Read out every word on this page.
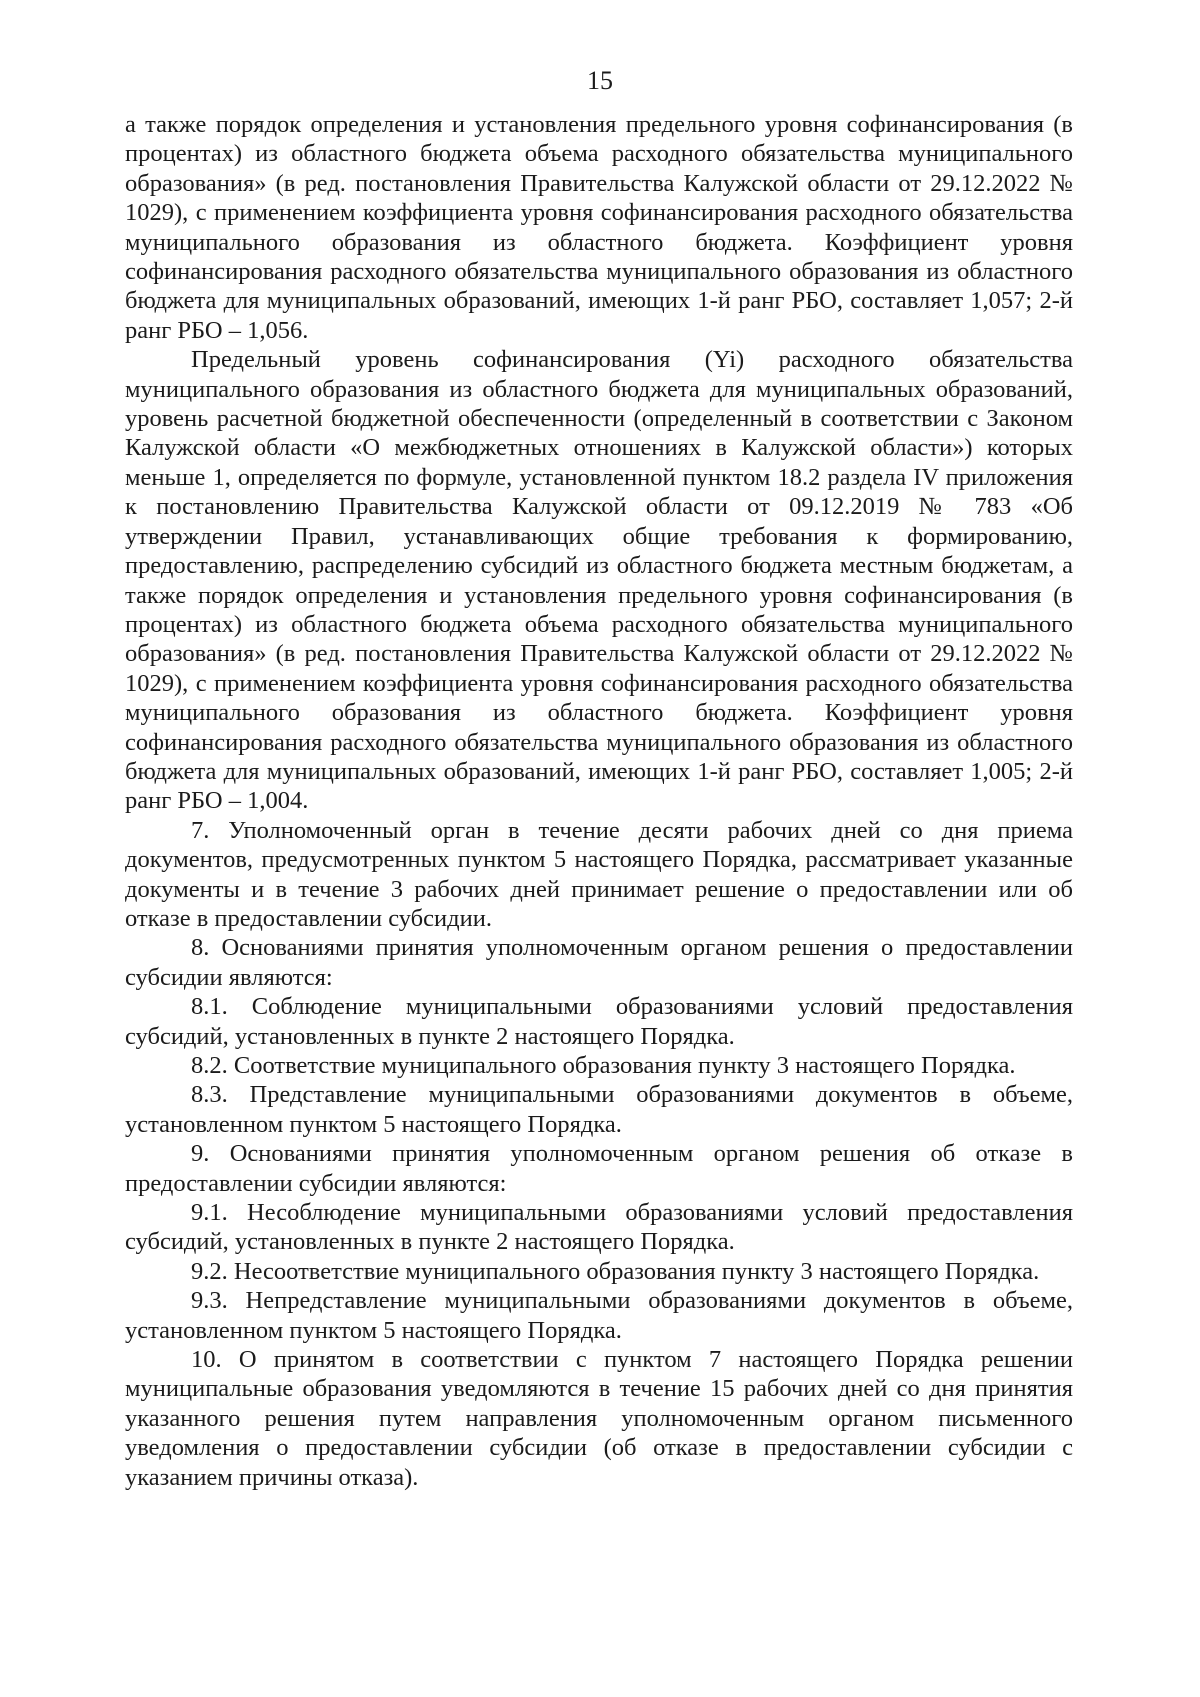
15

а также порядок определения и установления предельного уровня софинансирования (в процентах) из областного бюджета объема расходного обязательства муниципального образования» (в ред. постановления Правительства Калужской области от 29.12.2022 № 1029), с применением коэффициента уровня софинансирования расходного обязательства муниципального образования из областного бюджета. Коэффициент уровня софинансирования расходного обязательства муниципального образования из областного бюджета для муниципальных образований, имеющих 1-й ранг РБО, составляет 1,057; 2-й ранг РБО – 1,056.

Предельный уровень софинансирования (Yi) расходного обязательства муниципального образования из областного бюджета для муниципальных образований, уровень расчетной бюджетной обеспеченности (определенный в соответствии с Законом Калужской области «О межбюджетных отношениях в Калужской области») которых меньше 1, определяется по формуле, установленной пунктом 18.2 раздела IV приложения к постановлению Правительства Калужской области от 09.12.2019 № 783 «Об утверждении Правил, устанавливающих общие требования к формированию, предоставлению, распределению субсидий из областного бюджета местным бюджетам, а также порядок определения и установления предельного уровня софинансирования (в процентах) из областного бюджета объема расходного обязательства муниципального образования» (в ред. постановления Правительства Калужской области от 29.12.2022 № 1029), с применением коэффициента уровня софинансирования расходного обязательства муниципального образования из областного бюджета. Коэффициент уровня софинансирования расходного обязательства муниципального образования из областного бюджета для муниципальных образований, имеющих 1-й ранг РБО, составляет 1,005; 2-й ранг РБО – 1,004.

7. Уполномоченный орган в течение десяти рабочих дней со дня приема документов, предусмотренных пунктом 5 настоящего Порядка, рассматривает указанные документы и в течение 3 рабочих дней принимает решение о предоставлении или об отказе в предоставлении субсидии.

8. Основаниями принятия уполномоченным органом решения о предоставлении субсидии являются:

8.1. Соблюдение муниципальными образованиями условий предоставления субсидий, установленных в пункте 2 настоящего Порядка.

8.2. Соответствие муниципального образования пункту 3 настоящего Порядка.

8.3. Представление муниципальными образованиями документов в объеме, установленном пунктом 5 настоящего Порядка.

9. Основаниями принятия уполномоченным органом решения об отказе в предоставлении субсидии являются:

9.1. Несоблюдение муниципальными образованиями условий предоставления субсидий, установленных в пункте 2 настоящего Порядка.

9.2. Несоответствие муниципального образования пункту 3 настоящего Порядка.

9.3. Непредставление муниципальными образованиями документов в объеме, установленном пунктом 5 настоящего Порядка.

10. О принятом в соответствии с пунктом 7 настоящего Порядка решении муниципальные образования уведомляются в течение 15 рабочих дней со дня принятия указанного решения путем направления уполномоченным органом письменного уведомления о предоставлении субсидии (об отказе в предоставлении субсидии с указанием причины отказа).
